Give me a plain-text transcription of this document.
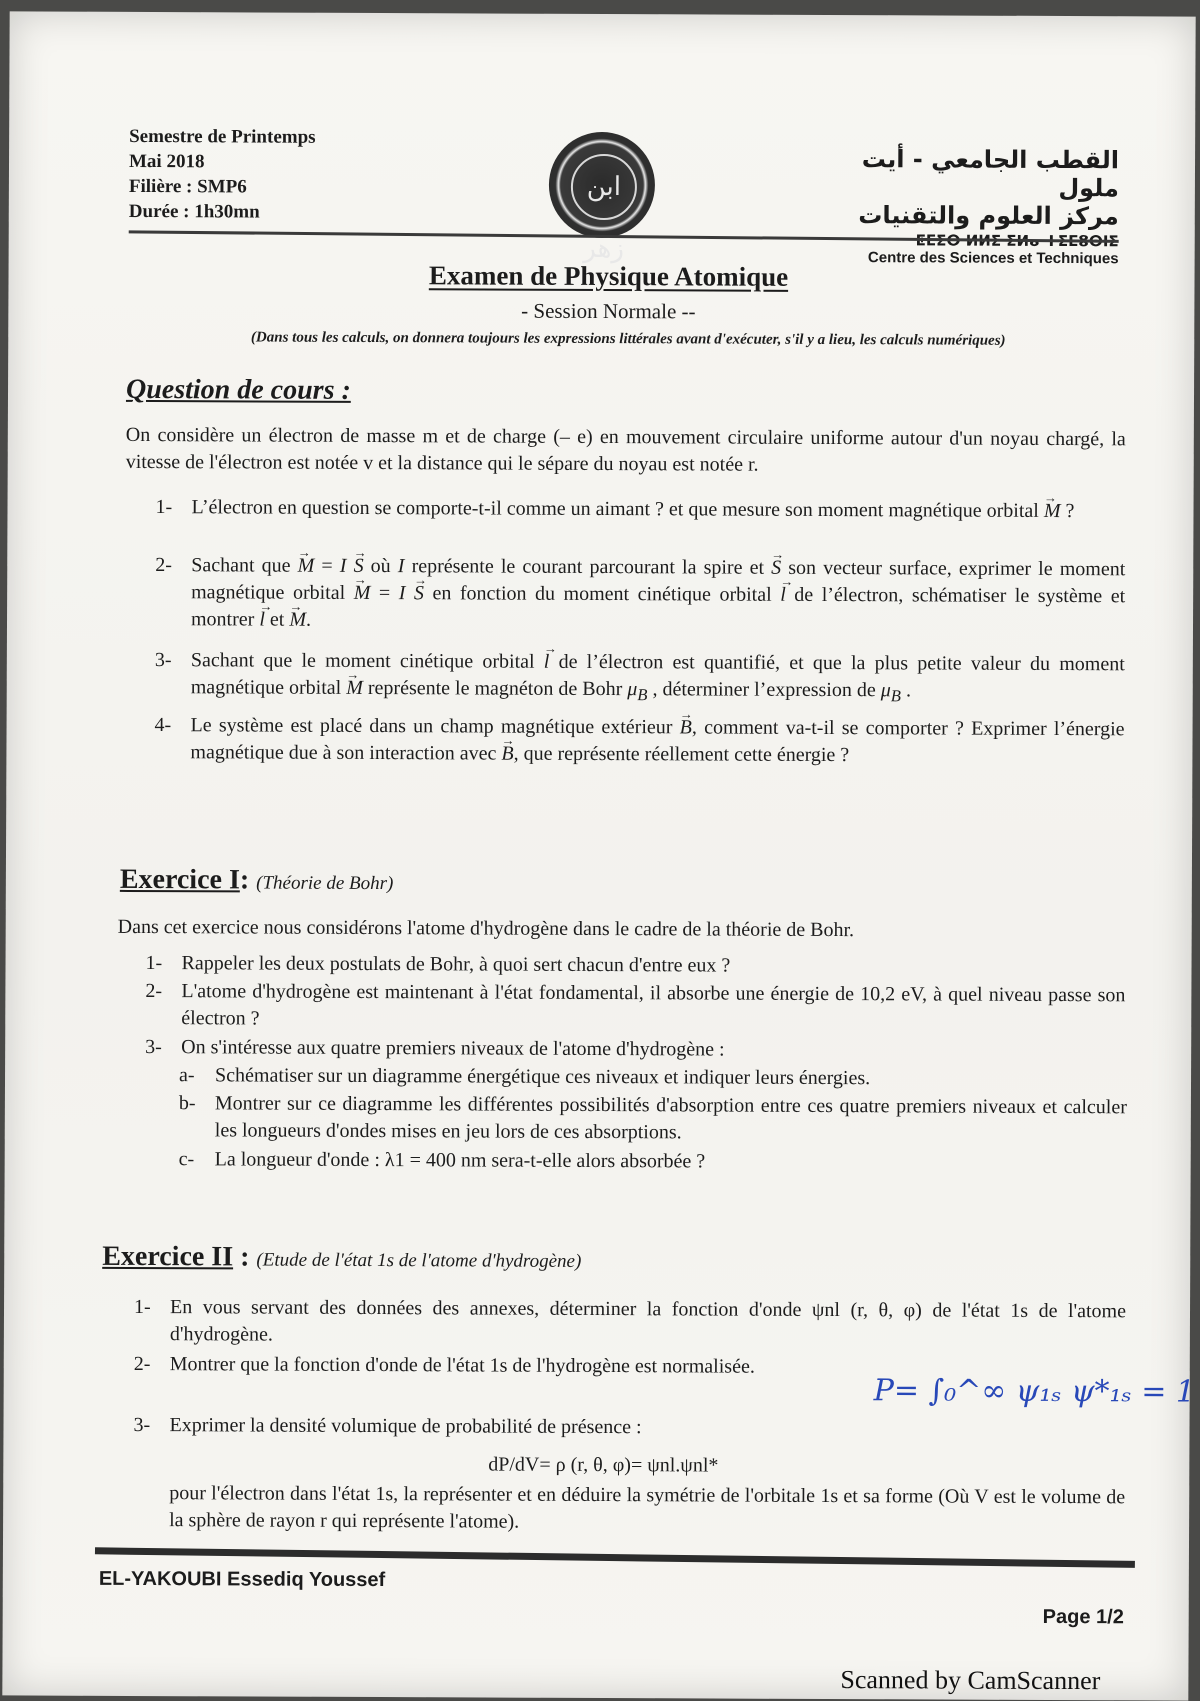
Semestre de Printemps
Mai 2018
Filière : SMP6
Durée : 1h30mn
ابن زهر
القطب الجامعي - أيت ملول
مركز العلوم والتقنيات
Centre des Sciences et Techniques
Examen de Physique Atomique
- Session Normale --
(Dans tous les calculs, on donnera toujours les expressions littérales avant d'exécuter, s'il y a lieu, les calculs numériques)
Question de cours :

On considère un électron de masse m et de charge (– e) en mouvement circulaire uniforme autour d'un noyau chargé, la vitesse de l'électron est notée v et la distance qui le sépare du noyau est notée r.

1- L’électron en question se comporte-t-il comme un aimant ? et que mesure son moment magnétique orbital → M ?
2- Sachant que → M = I → S où I représente le courant parcourant la spire et → S son vecteur surface, exprimer le moment magnétique orbital → M = I → S en fonction du moment cinétique orbital → l de l’électron, schématiser le système et montrer → l et → M.
3- Sachant que le moment cinétique orbital → l de l’électron est quantifié, et que la plus petite valeur du moment magnétique orbital → M représente le magnéton de Bohr $\mu_B$ , déterminer l’expression de $\mu_B$ .
4- Le système est placé dans un champ magnétique extérieur → B, comment va-t-il se comporter ? Exprimer l’énergie magnétique due à son interaction avec → B, que représente réellement cette énergie ?
Exercice I: (Théorie de Bohr)

Dans cet exercice nous considérons l'atome d'hydrogène dans le cadre de la théorie de Bohr.

1- Rappeler les deux postulats de Bohr, à quoi sert chacun d'entre eux ?
2- L'atome d'hydrogène est maintenant à l'état fondamental, il absorbe une énergie de 10,2 eV, à quel niveau passe son électron ?
3- On s'intéresse aux quatre premiers niveaux de l'atome d'hydrogène :
a- Schématiser sur un diagramme énergétique ces niveaux et indiquer leurs énergies.
b- Montrer sur ce diagramme les différentes possibilités d'absorption entre ces quatre premiers niveaux et calculer les longueurs d'ondes mises en jeu lors de ces absorptions.
c- La longueur d'onde : λ1 = 400 nm sera-t-elle alors absorbée ?
Exercice II : (Etude de l'état 1s de l'atome d'hydrogène)
1- En vous servant des données des annexes, déterminer la fonction d'onde ψnl (r, θ, φ) de l'état 1s de l'atome d'hydrogène.
2- Montrer que la fonction d'onde de l'état 1s de l'hydrogène est normalisée.
P= ∫₀^∞ ψ₁ₛ ψ*₁ₛ = 1
3- Exprimer la densité volumique de probabilité de présence :
dP/dV= ρ (r, θ, φ)= ψnl.ψnl*

pour l'électron dans l'état 1s, la représenter et en déduire la symétrie de l'orbitale 1s et sa forme (Où V est le volume de la sphère de rayon r qui représente l'atome).

EL-YAKOUBI Essediq Youssef
Page 1/2
Scanned by CamScanner
